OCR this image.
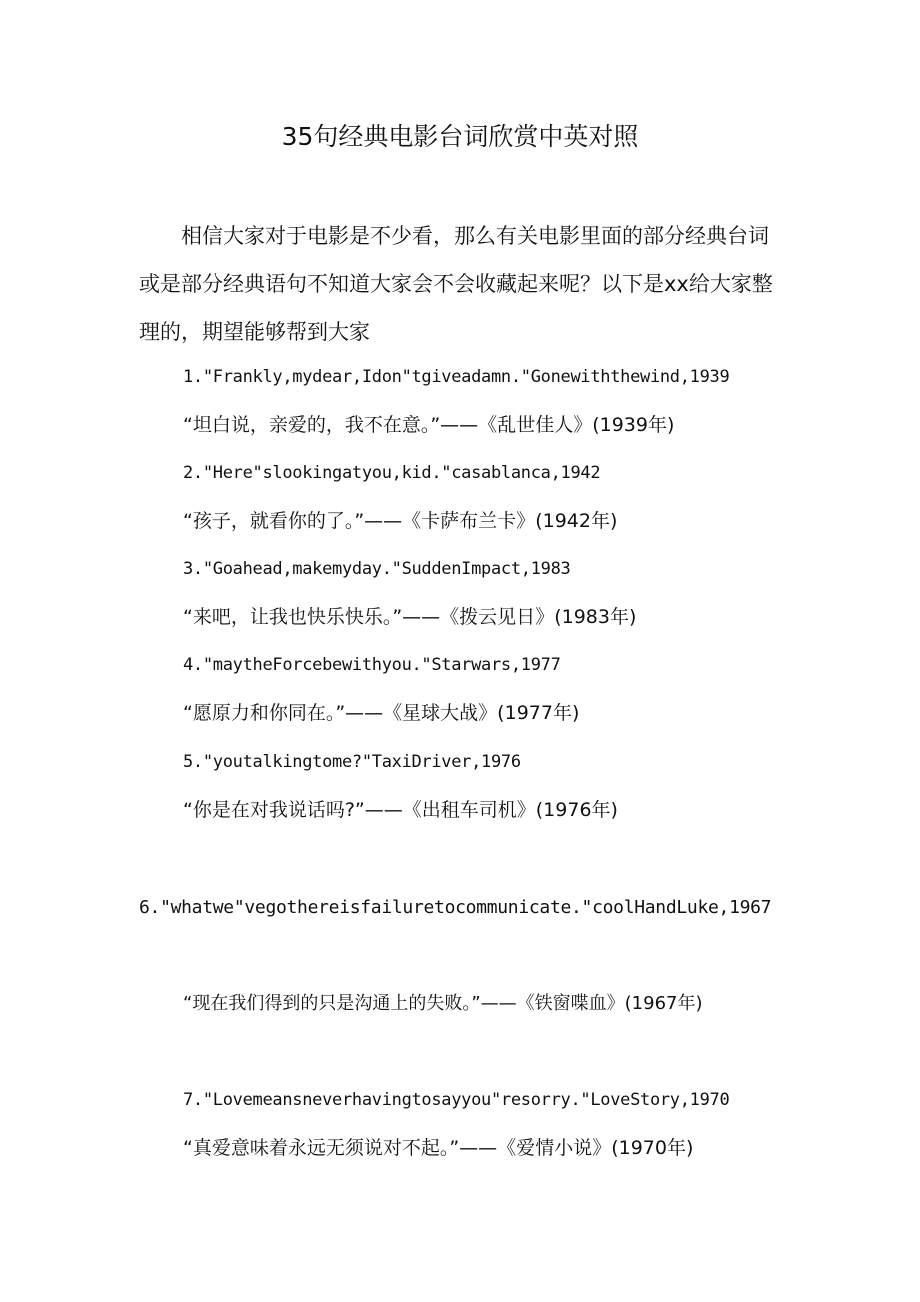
35句经典电影台词欣赏中英对照
相信大家对于电影是不少看，那么有关电影里面的部分经典台词或是部分经典语句不知道大家会不会收藏起来呢？以下是xx给大家整理的，期望能够帮到大家
1."Frankly,mydear,Idon"tgiveadamn."Gonewiththewind,1939
“坦白说，亲爱的，我不在意。”——《乱世佳人》(1939年)
2."Here"slookingatyou,kid."casablanca,1942
“孩子，就看你的了。”——《卡萨布兰卡》(1942年)
3."Goahead,makemyday."SuddenImpact,1983
“来吧，让我也快乐快乐。”——《拨云见日》(1983年)
4."maytheForcebewithyou."Starwars,1977
“愿原力和你同在。”——《星球大战》(1977年)
5."youtalkingtome?"TaxiDriver,1976
“你是在对我说话吗?”——《出租车司机》(1976年)
6."whatwe"vegothereisfailuretocommunicate."coolHandLuke,1967
“现在我们得到的只是沟通上的失败。”——《铁窗喋血》(1967年)
7."Lovemeansneverhavingtosayyou"resorry."LoveStory,1970
“真爱意味着永远无须说对不起。”——《爱情小说》(1970年)
